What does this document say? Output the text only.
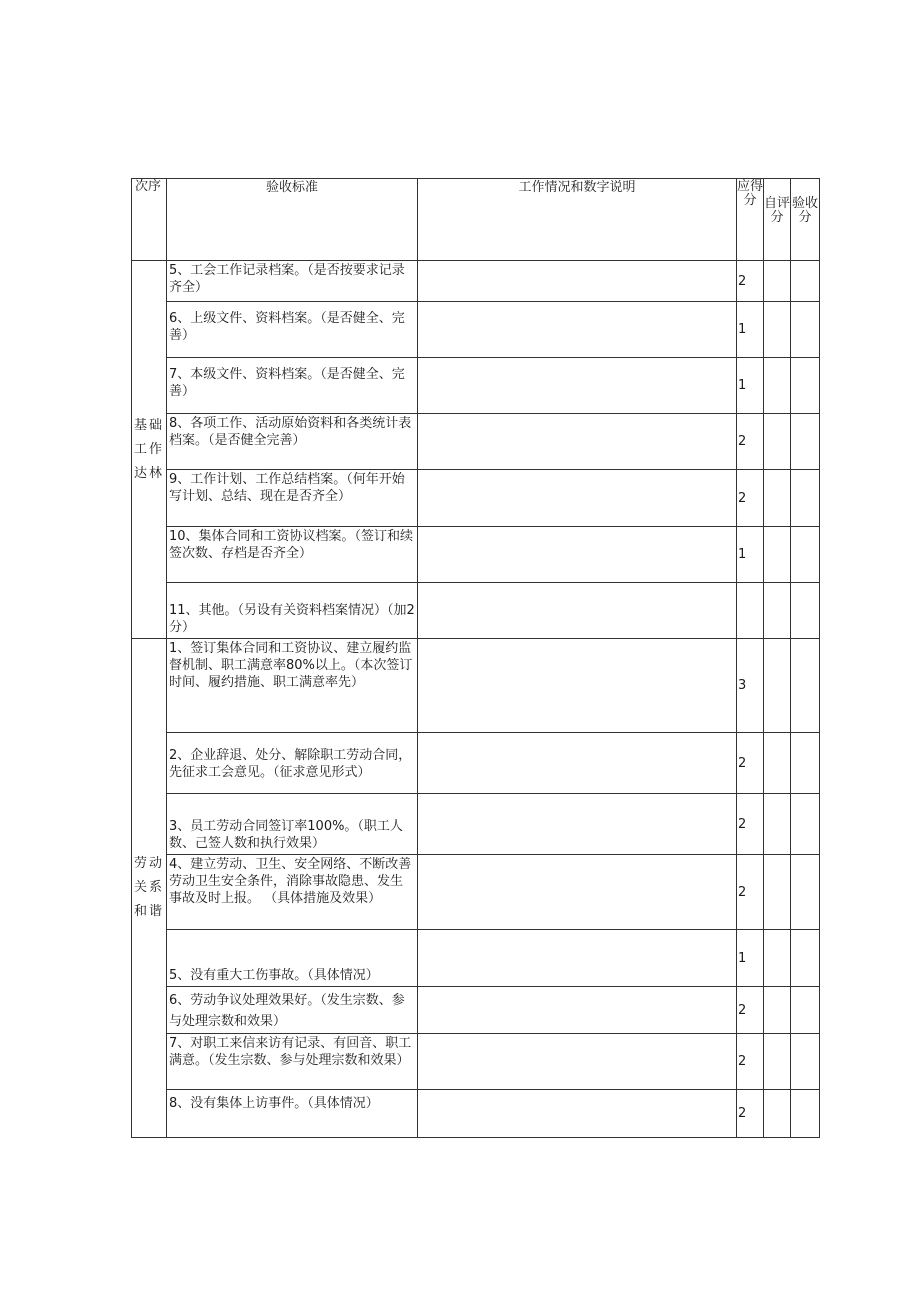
次序	验收标准	工作情况和数字说明	应得分	自评分	验收分

基础
工作
达林	5、工会工作记录档案。（是否按要求记录齐全）		2		
	6、上级文件、资料档案。（是否健全、完善）		1		
	7、本级文件、资料档案。（是否健全、完善）		1		
	8、各项工作、活动原始资料和各类统计表档案。（是否健全完善）		2		
	9、工作计划、工作总结档案。（何年开始写计划、总结、现在是否齐全）		2		
	10、集体合同和工资协议档案。（签订和续签次数、存档是否齐全）		1		
	11、其他。（另设有关资料档案情况）（加2分）				

劳动
关系
和谐	1、签订集体合同和工资协议、建立履约监督机制、职工满意率80%以上。（本次签订时间、履约措施、职工满意率先）		3		
	2、企业辞退、处分、解除职工劳动合同，先征求工会意见。（征求意见形式）		2		
	3、员工劳动合同签订率100%。（职工人数、己签人数和执行效果）		2		
	4、建立劳动、卫生、安全网络、不断改善劳动卫生安全条件，消除事故隐患、发生事故及时上报。 （具体措施及效果）		2		
	5、没有重大工伤事故。（具体情况）		1		
	6、劳动争议处理效果好。（发生宗数、参与处理宗数和效果）		2		
	7、对职工来信来访有记录、有回音、职工满意。（发生宗数、参与处理宗数和效果）		2		
	8、没有集体上访事件。（具体情况）		2		
